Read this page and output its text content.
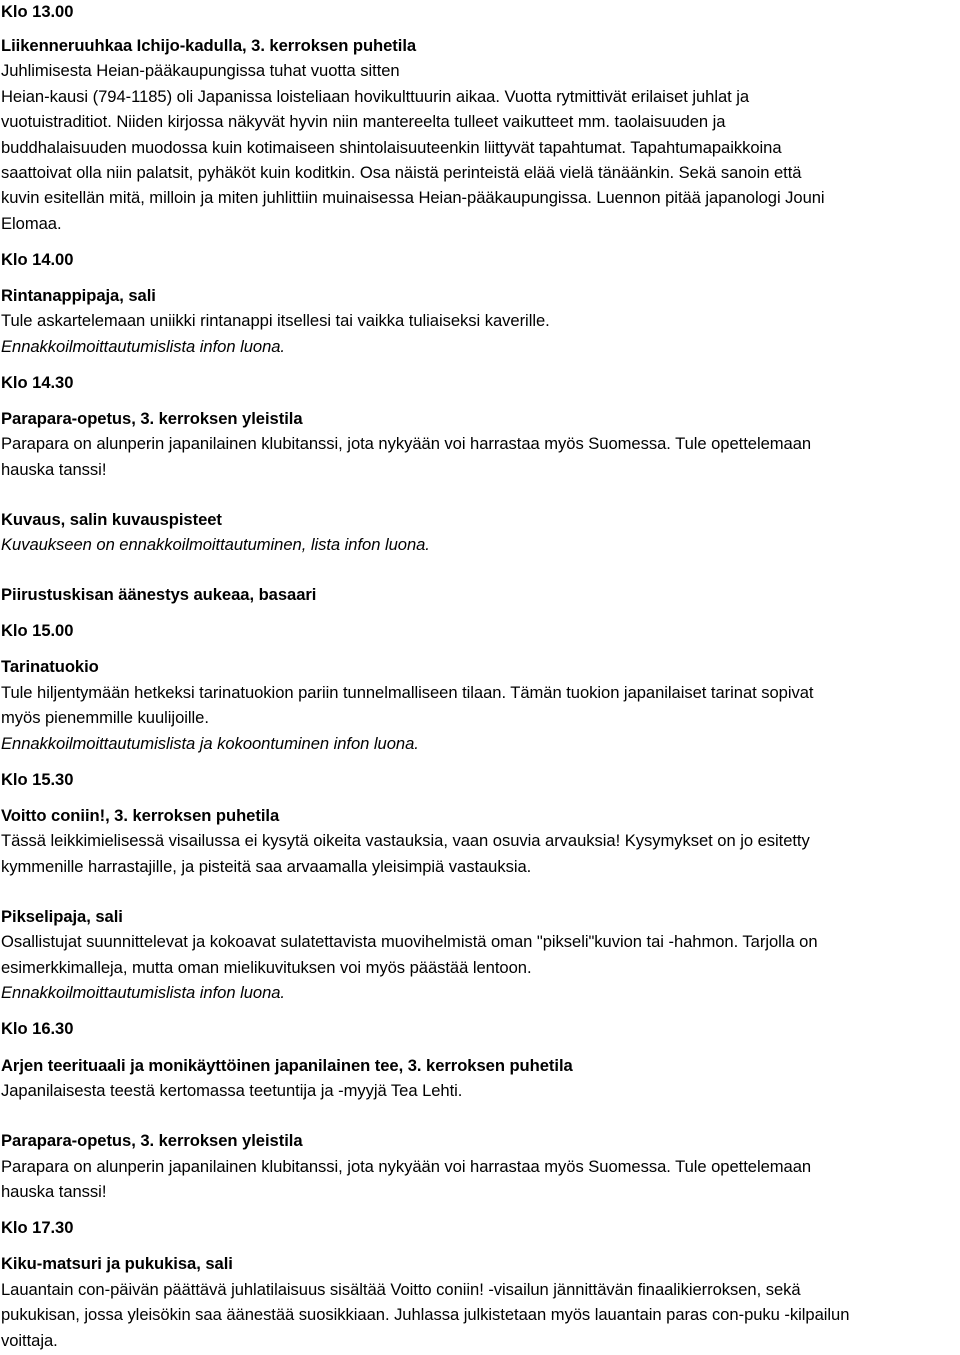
Klo 13.00
Liikenneruuhkaa Ichijo-kadulla, 3. kerroksen puhetila
Juhlimisesta Heian-pääkaupungissa tuhat vuotta sitten
Heian-kausi (794-1185) oli Japanissa loisteliaan hovikulttuurin aikaa. Vuotta rytmittivät erilaiset juhlat ja
vuotuistraditiot. Niiden kirjossa näkyvät hyvin niin mantereelta tulleet vaikutteet mm. taolaisuuden ja
buddhalaisuuden muodossa kuin kotimaiseen shintolaisuuteenkin liittyvät tapahtumat. Tapahtumapaikkoina
saattoivat olla niin palatsit, pyhäköt kuin koditkin. Osa näistä perinteistä elää vielä tänäänkin. Sekä sanoin että
kuvin esitellän mitä, milloin ja miten juhlittiin muinaisessa Heian-pääkaupungissa. Luennon pitää japanologi Jouni
Elomaa.
Klo 14.00
Rintanappipaja, sali
Tule askartelemaan uniikki rintanappi itsellesi tai vaikka tuliaiseksi kaverille.
Ennakkoilmoittautumislista infon luona.
Klo 14.30
Parapara-opetus, 3. kerroksen yleistila
Parapara on alunperin japanilainen klubitanssi, jota nykyään voi harrastaa myös Suomessa. Tule opettelemaan
hauska tanssi!
Kuvaus, salin kuvauspisteet
Kuvaukseen on ennakkoilmoittautuminen, lista infon luona.
Piirustuskisan äänestys aukeaa, basaari
Klo 15.00
Tarinatuokio
Tule hiljentymään hetkeksi tarinatuokion pariin tunnelmalliseen tilaan. Tämän tuokion japanilaiset tarinat sopivat
myös pienemmille kuulijoille.
Ennakkoilmoittautumislista ja kokoontuminen infon luona.
Klo 15.30
Voitto coniin!, 3. kerroksen puhetila
Tässä leikkimielisessä visailussa ei kysytä oikeita vastauksia, vaan osuvia arvauksia! Kysymykset on jo esitetty
kymmenille harrastajille, ja pisteitä saa arvaamalla yleisimpiä vastauksia.
Pikselipaja, sali
Osallistujat suunnittelevat ja kokoavat sulatettavista muovihelmistä oman "pikseli"kuvion tai -hahmon. Tarjolla on
esimerkkimalleja, mutta oman mielikuvituksen voi myös päästää lentoon.
Ennakkoilmoittautumislista infon luona.
Klo 16.30
Arjen teerituaali ja monikäyttöinen japanilainen tee, 3. kerroksen puhetila
Japanilaisesta teestä kertomassa teetuntija ja -myyjä Tea Lehti.
Parapara-opetus, 3. kerroksen yleistila
Parapara on alunperin japanilainen klubitanssi, jota nykyään voi harrastaa myös Suomessa. Tule opettelemaan
hauska tanssi!
Klo 17.30
Kiku-matsuri ja pukukisa, sali
Lauantain con-päivän päättävä juhlatilaisuus sisältää Voitto coniin! -visailun jännittävän finaalikierroksen, sekä
pukukisan, jossa yleisökin saa äänestää suosikkiaan. Juhlassa julkistetaan myös lauantain paras con-puku -kilpailun
voittaja.
